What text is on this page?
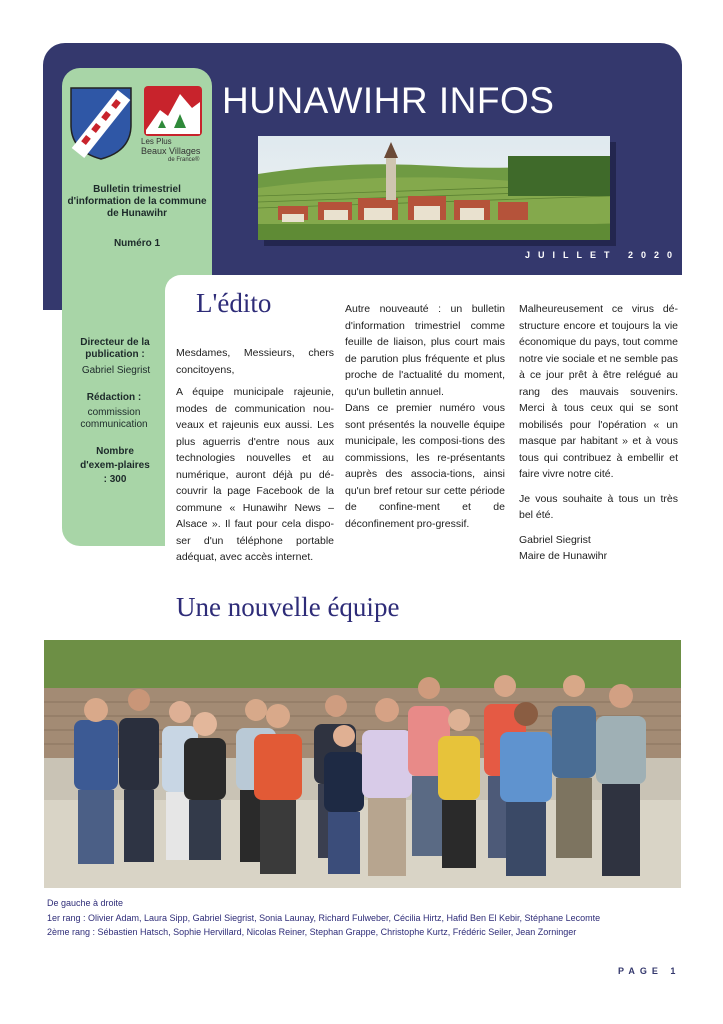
Les Plus
Beaux Villages
de France®
HUNAWIHR INFOS
JUILLET 2020
Bulletin trimestriel d'information de la commune de Hunawihr
Numéro 1
Directeur de la publication :
Gabriel Siegrist
Rédaction :
commission communication
Nombre d'exem-plaires : 300
L'édito

Mesdames, Messieurs, chers concitoyens,

A équipe municipale rajeunie, modes de communication nou-veaux et rajeunis eux aussi. Les plus aguerris d'entre nous aux technologies nouvelles et au numérique, auront déjà pu dé-couvrir la page Facebook de la commune « Hunawihr News – Alsace ». Il faut pour cela dispo-ser d'un téléphone portable adéquat, avec accès internet.

Autre nouveauté : un bulletin d'information trimestriel comme feuille de liaison, plus court mais de parution plus fréquente et plus proche de l'actualité du moment, qu'un bulletin annuel.

Dans ce premier numéro vous sont présentés la nouvelle équipe municipale, les composi-tions des commissions, les re-présentants auprès des associa-tions, ainsi qu'un bref retour sur cette période de confine-ment et de déconfinement pro-gressif.

Malheureusement ce virus dé-structure encore et toujours la vie économique du pays, tout comme notre vie sociale et ne semble pas à ce jour prêt à être relégué au rang des mauvais souvenirs. Merci à tous ceux qui se sont mobilisés pour l'opération « un masque par habitant » et à vous tous qui contribuez à embellir et faire vivre notre cité.

Je vous souhaite à tous un très bel été.

Gabriel Siegrist

Maire de Hunawihr

Une nouvelle équipe
De gauche à droite
1er rang : Olivier Adam, Laura Sipp, Gabriel Siegrist, Sonia Launay, Richard Fulweber, Cécilia Hirtz, Hafid Ben El Kebir, Stéphane Lecomte
2ème rang : Sébastien Hatsch, Sophie Hervillard, Nicolas Reiner, Stephan Grappe, Christophe Kurtz, Frédéric Seiler, Jean Zorninger
PAGE 1
